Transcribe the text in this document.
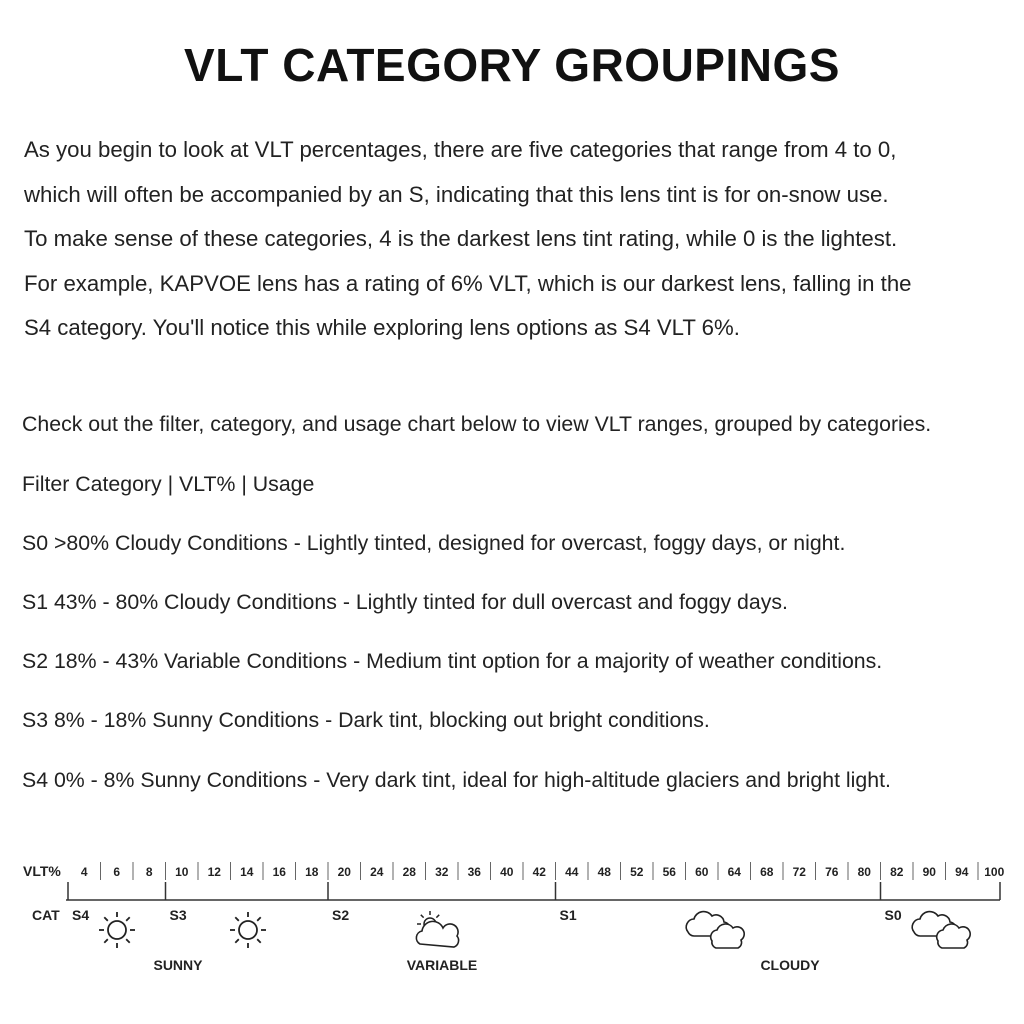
VLT CATEGORY GROUPINGS
As you begin to look at VLT percentages, there are five categories that range from 4 to 0,
which will often be accompanied by an S, indicating that this lens tint is for on-snow use.
To make sense of these categories, 4 is the darkest lens tint rating, while 0 is the lightest.
For example, KAPVOE lens has a rating of 6% VLT, which is our darkest lens, falling in the
S4 category. You'll notice this while exploring lens options as S4 VLT 6%.
Check out the filter, category, and usage chart below to view VLT ranges, grouped by categories.
Filter Category | VLT% | Usage
S0 >80% Cloudy Conditions - Lightly tinted, designed for overcast, foggy days, or night.
S1 43% - 80% Cloudy Conditions - Lightly tinted for dull overcast and foggy days.
S2 18% - 43% Variable Conditions - Medium tint option for a majority of weather conditions.
S3 8% - 18% Sunny Conditions - Dark tint, blocking out bright conditions.
S4 0% - 8% Sunny Conditions - Very dark tint, ideal for high-altitude glaciers and bright light.
VLT%
CAT
4 6 8 10 12 14 16 18 20 24 28 32 36 40 42 44 48 52 56 60 64 68 72 76 80 82 90 94 100
S4	S3	S2	S1	S0
SUNNY	VARIABLE	CLOUDY
